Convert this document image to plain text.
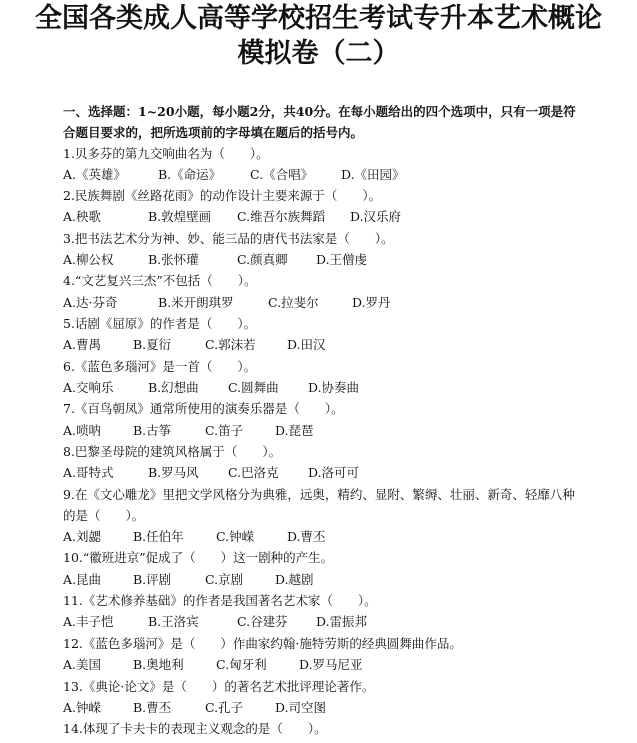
全国各类成人高等学校招生考试专升本艺术概论
模拟卷（二）
一、选择题：1~20小题，每小题2分，共40分。在每小题给出的四个选项中，只有一项是符合题目要求的，把所选项前的字母填在题后的括号内。
1.贝多芬的第九交响曲名为（　　）。
A.《英雄》	B.《命运》 C.《合唱》 D.《田园》
2.民族舞剧《丝路花雨》的动作设计主要来源于（　　）。
A.秧歌	B.敦煌壁画 C.维吾尔族舞蹈 D.汉乐府
3.把书法艺术分为神、妙、能三品的唐代书法家是（　　）。
A.柳公权	B.张怀瓘	C.颜真卿 D.王僧虔
4.“文艺复兴三杰”不包括（　　）。
A.达·芬奇	B.米开朗琪罗	C.拉斐尔	D.罗丹
5.话剧《屈原》的作者是（　　）。
A.曹禺	B.夏衍	C.郭沫若	D.田汉
6.《蓝色多瑙河》是一首（　　）。
A.交响乐	B.幻想曲 C.圆舞曲 D.协奏曲
7.《百鸟朝凤》通常所使用的演奏乐器是（　　）。
A.唢呐	B.古筝	C.笛子	D.琵琶
8.巴黎圣母院的建筑风格属于（　　）。
A.哥特式	B.罗马风 C.巴洛克 D.洛可可
9.在《文心雕龙》里把文学风格分为典雅，远奥，精约、显附、繁缛、壮丽、新奇、轻靡八种的是（　　）。
A.刘勰	B.任伯年	C.钟嵘	D.曹丕
10.“徽班进京”促成了（　　）这一剧种的产生。
A.昆曲	B.评剧	C.京剧	D.越剧
11.《艺术修养基础》的作者是我国著名艺术家（　　）。
A.丰子恺	B.王洛宾	C.谷建芬 D.雷振邦
12.《蓝色多瑙河》是（　　）作曲家约翰·施特劳斯的经典圆舞曲作品。
A.美国	B.奥地利	C.匈牙利	D.罗马尼亚
13.《典论·论文》是（　　）的著名艺术批评理论著作。
A.钟嵘	B.曹丕	C.孔子	D.司空图
14.体现了卡夫卡的表现主义观念的是（　　）。
